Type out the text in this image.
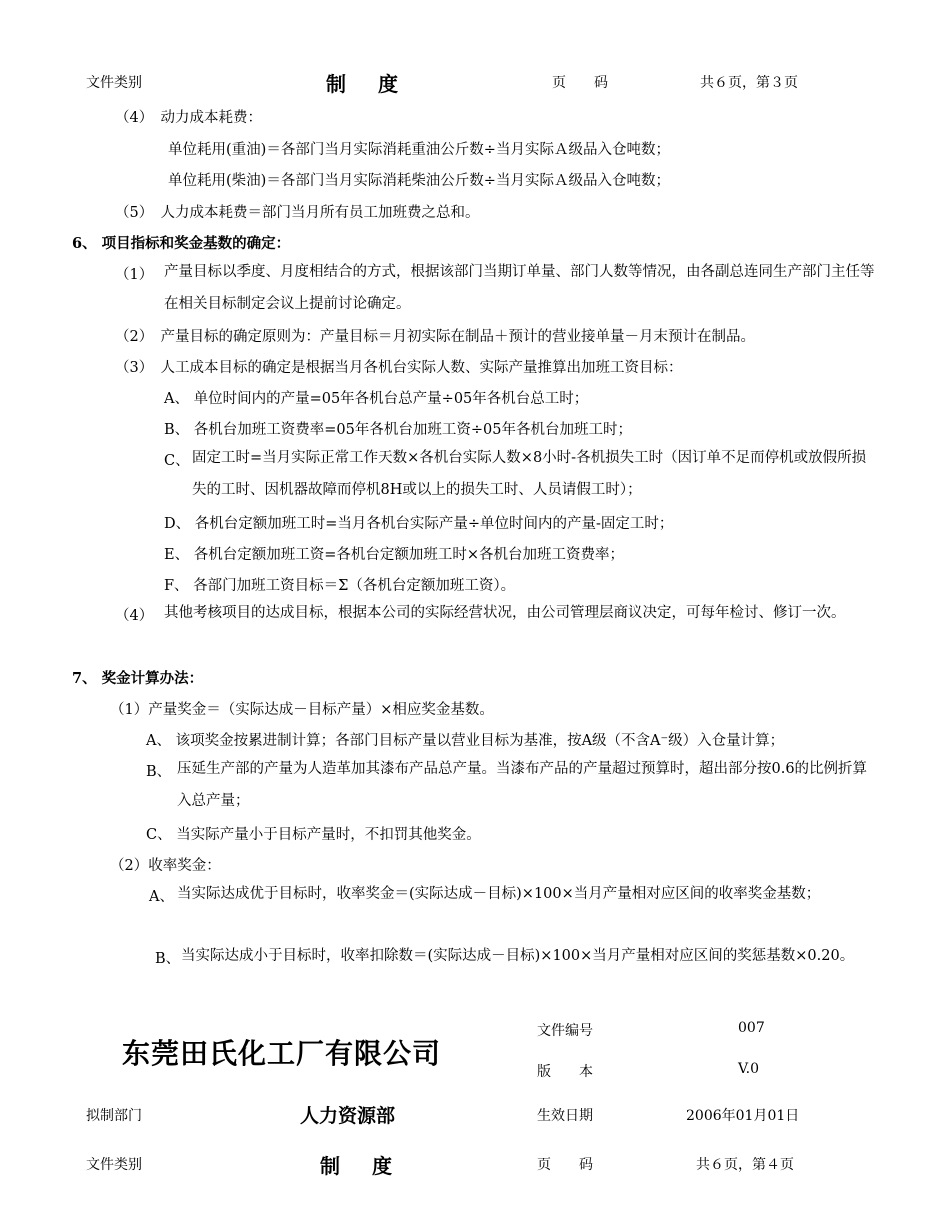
文件类别	制　度	页　　码	共６页，第３页
（4）　动力成本耗费：
单位耗用(重油)＝各部门当月实际消耗重油公斤数÷当月实际Ａ级品入仓吨数；
单位耗用(柴油)＝各部门当月实际消耗柴油公斤数÷当月实际Ａ级品入仓吨数；
（5）　人力成本耗费＝部门当月所有员工加班费之总和。
6、 项目指标和奖金基数的确定：
（1） 产量目标以季度、月度相结合的方式，根据该部门当期订单量、部门人数等情况，由各副总连同生产部门主任等在相关目标制定会议上提前讨论确定。
（2）　产量目标的确定原则为：产量目标＝月初实际在制品＋预计的营业接单量－月末预计在制品。
（3）　人工成本目标的确定是根据当月各机台实际人数、实际产量推算出加班工资目标：
A、 单位时间内的产量=05年各机台总产量÷05年各机台总工时；
B、 各机台加班工资费率=05年各机台加班工资÷05年各机台加班工时；
C、 固定工时=当月实际正常工作天数×各机台实际人数×8小时-各机损失工时（因订单不足而停机或放假所损失的工时、因机器故障而停机8H或以上的损失工时、人员请假工时）；
D、 各机台定额加班工时=当月各机台实际产量÷单位时间内的产量-固定工时；
E、 各机台定额加班工资=各机台定额加班工时×各机台加班工资费率；
F、 各部门加班工资目标＝Σ（各机台定额加班工资）。
（4） 其他考核项目的达成目标，根据本公司的实际经营状况，由公司管理层商议决定，可每年检讨、修订一次。
7、 奖金计算办法：
（1）产量奖金＝（实际达成－目标产量）×相应奖金基数。
A、 该项奖金按累进制计算；各部门目标产量以营业目标为基准，按A级（不含A⁻级）入仓量计算；
B、 压延生产部的产量为人造革加其漆布产品总产量。当漆布产品的产量超过预算时，超出部分按0.6的比例折算入总产量；
C、 当实际产量小于目标产量时，不扣罚其他奖金。
（2）收率奖金：
A、 当实际达成优于目标时，收率奖金＝(实际达成－目标)×100×当月产量相对应区间的收率奖金基数；
B、 当实际达成小于目标时，收率扣除数＝(实际达成－目标)×100×当月产量相对应区间的奖惩基数×0.20。
东莞田氏化工厂有限公司
文件编号	007
版　　本	V.0
拟制部门	人力资源部	生效日期	2006年01月01日
文件类别	制　度	页　　码	共６页，第４页
